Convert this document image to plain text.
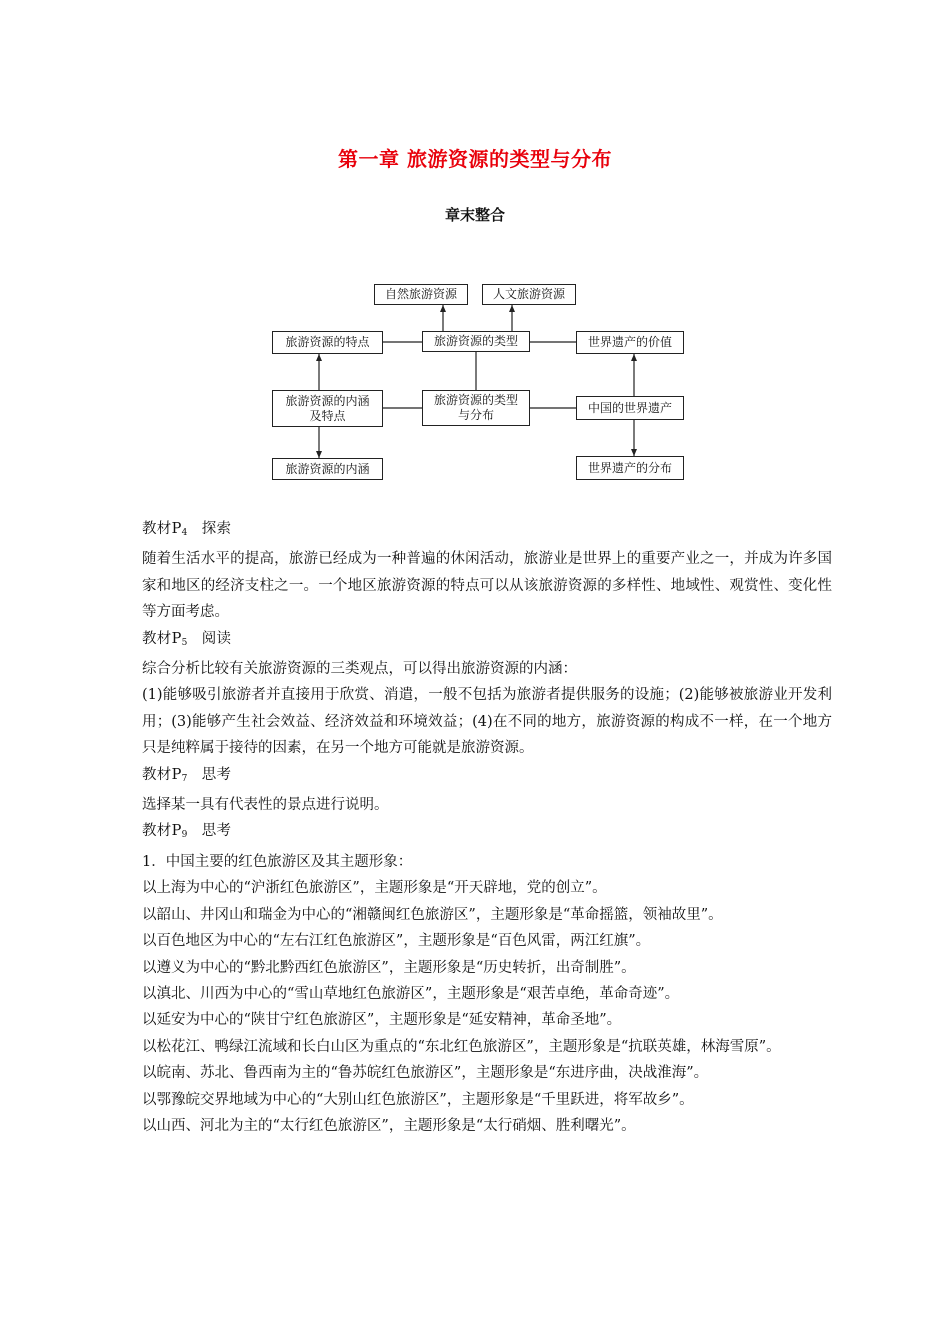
第一章 旅游资源的类型与分布
章末整合
自然旅游资源	人文旅游资源
旅游资源的特点	旅游资源的类型	世界遗产的价值
旅游资源的内涵
及特点
旅游资源的类型
与分布
中国的世界遗产
旅游资源的内涵	世界遗产的分布

教材$P_4$ 探索

随着生活水平的提高，旅游已经成为一种普遍的休闲活动，旅游业是世界上的重要产业之一，并成为许多国家和地区的经济支柱之一。一个地区旅游资源的特点可以从该旅游资源的多样性、地域性、观赏性、变化性等方面考虑。

教材$P_5$ 阅读

综合分析比较有关旅游资源的三类观点，可以得出旅游资源的内涵：

(1)能够吸引旅游者并直接用于欣赏、消遣，一般不包括为旅游者提供服务的设施；(2)能够被旅游业开发利用；(3)能够产生社会效益、经济效益和环境效益；(4)在不同的地方，旅游资源的构成不一样，在一个地方只是纯粹属于接待的因素，在另一个地方可能就是旅游资源。

教材$P_7$ 思考

选择某一具有代表性的景点进行说明。

教材$P_9$ 思考

1．中国主要的红色旅游区及其主题形象：

以上海为中心的“沪浙红色旅游区”，主题形象是“开天辟地，党的创立”。

以韶山、井冈山和瑞金为中心的“湘赣闽红色旅游区”，主题形象是“革命摇篮，领袖故里”。

以百色地区为中心的“左右江红色旅游区”，主题形象是“百色风雷，两江红旗”。

以遵义为中心的“黔北黔西红色旅游区”，主题形象是“历史转折，出奇制胜”。

以滇北、川西为中心的“雪山草地红色旅游区”，主题形象是“艰苦卓绝，革命奇迹”。

以延安为中心的“陕甘宁红色旅游区”，主题形象是“延安精神，革命圣地”。

以松花江、鸭绿江流域和长白山区为重点的“东北红色旅游区”，主题形象是“抗联英雄，林海雪原”。

以皖南、苏北、鲁西南为主的“鲁苏皖红色旅游区”，主题形象是“东进序曲，决战淮海”。

以鄂豫皖交界地域为中心的“大别山红色旅游区”，主题形象是“千里跃进，将军故乡”。

以山西、河北为主的“太行红色旅游区”，主题形象是“太行硝烟、胜利曙光”。
